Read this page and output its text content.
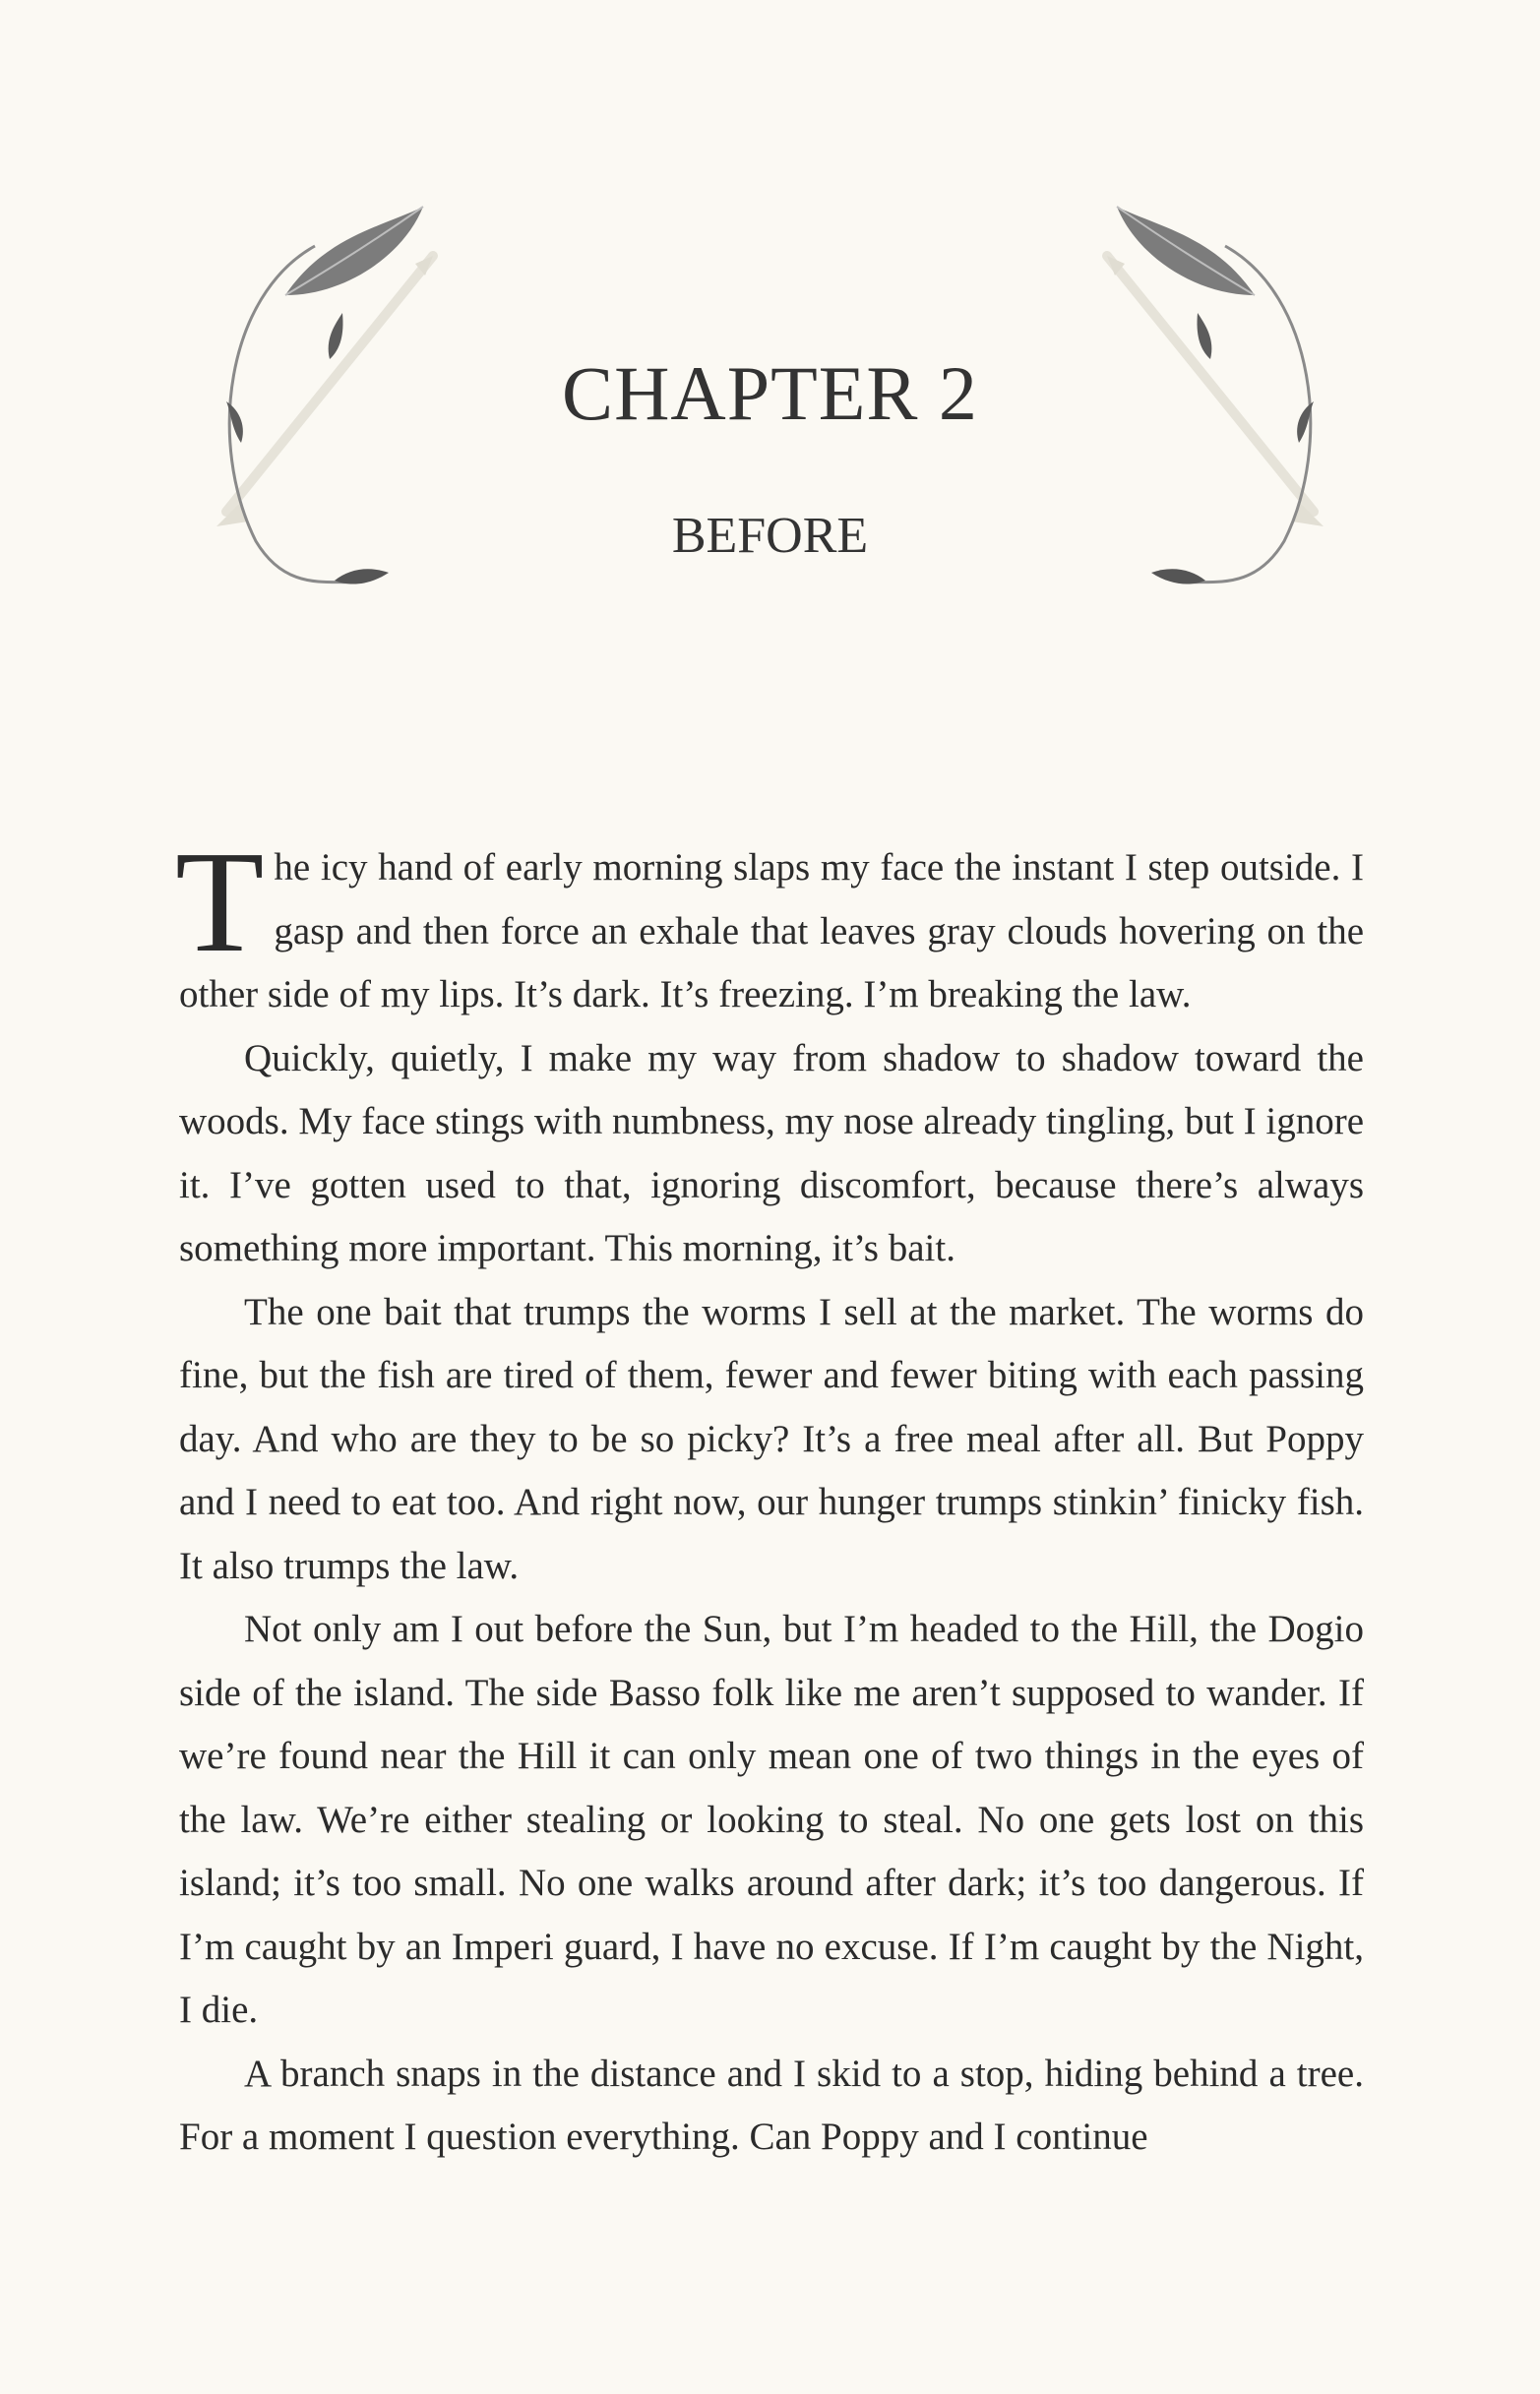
CHAPTER 2
BEFORE

The icy hand of early morning slaps my face the instant I step outside. I gasp and then force an exhale that leaves gray clouds hovering on the other side of my lips. It’s dark. It’s freezing. I’m breaking the law.

Quickly, quietly, I make my way from shadow to shadow toward the woods. My face stings with numbness, my nose already tingling, but I ignore it. I’ve gotten used to that, ignoring discomfort, because there’s always something more important. This morning, it’s bait.

The one bait that trumps the worms I sell at the market. The worms do fine, but the fish are tired of them, fewer and fewer biting with each passing day. And who are they to be so picky? It’s a free meal after all. But Poppy and I need to eat too. And right now, our hunger trumps stinkin’ finicky fish. It also trumps the law.

Not only am I out before the Sun, but I’m headed to the Hill, the Dogio side of the island. The side Basso folk like me aren’t supposed to wander. If we’re found near the Hill it can only mean one of two things in the eyes of the law. We’re either stealing or looking to steal. No one gets lost on this island; it’s too small. No one walks around after dark; it’s too dangerous. If I’m caught by an Imperi guard, I have no excuse. If I’m caught by the Night, I die.

A branch snaps in the distance and I skid to a stop, hiding behind a tree. For a moment I question everything. Can Poppy and I continue
